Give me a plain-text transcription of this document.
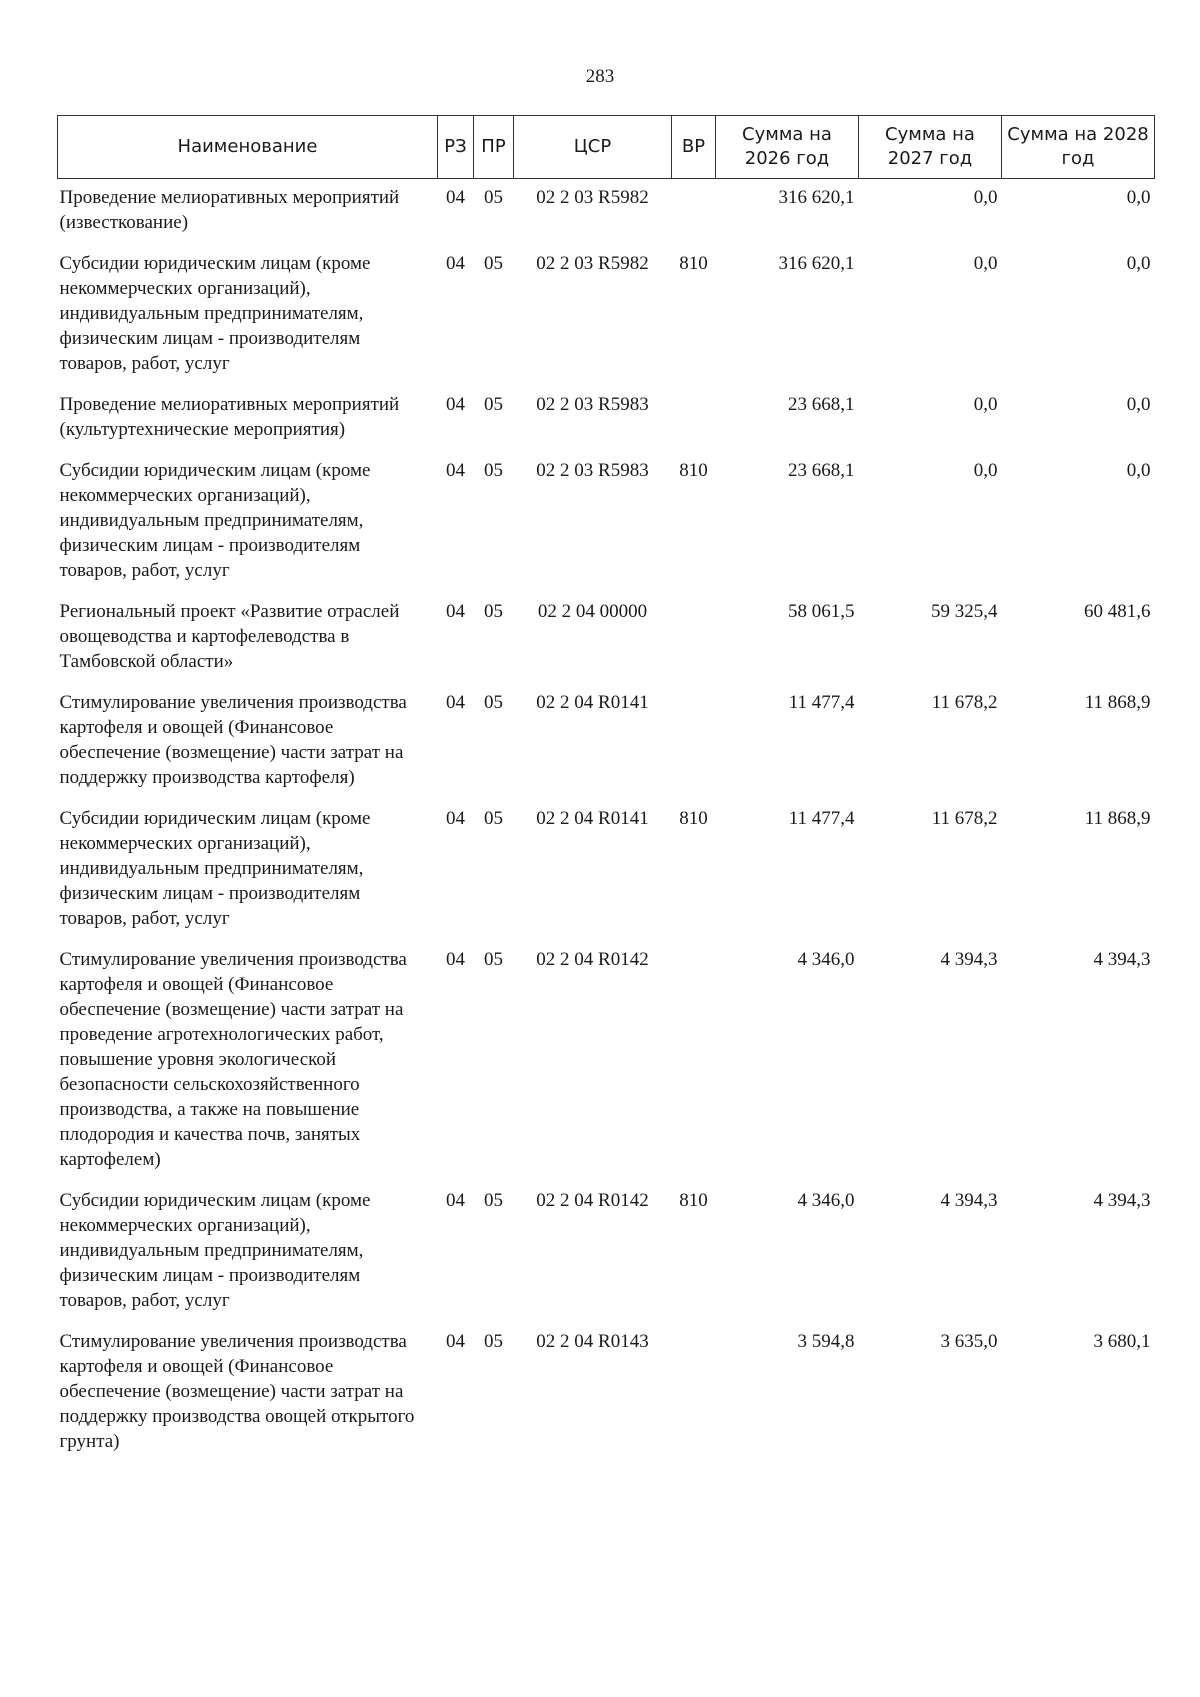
283
Наименование	РЗ	ПР	ЦСР	ВР	Сумма на 2026 год	Сумма на 2027 год	Сумма на 2028 год
Проведение мелиоративных мероприятий (известкование)	04	05	02 2 03 R5982		316 620,1	0,0	0,0
Субсидии юридическим лицам (кроме некоммерческих организаций), индивидуальным предпринимателям, физическим лицам - производителям товаров, работ, услуг	04	05	02 2 03 R5982	810	316 620,1	0,0	0,0
Проведение мелиоративных мероприятий (культуртехнические мероприятия)	04	05	02 2 03 R5983		23 668,1	0,0	0,0
Субсидии юридическим лицам (кроме некоммерческих организаций), индивидуальным предпринимателям, физическим лицам - производителям товаров, работ, услуг	04	05	02 2 03 R5983	810	23 668,1	0,0	0,0
Региональный проект «Развитие отраслей овощеводства и картофелеводства в Тамбовской области»	04	05	02 2 04 00000		58 061,5	59 325,4	60 481,6
Стимулирование увеличения производства картофеля и овощей (Финансовое обеспечение (возмещение) части затрат на поддержку производства картофеля)	04	05	02 2 04 R0141		11 477,4	11 678,2	11 868,9
Субсидии юридическим лицам (кроме некоммерческих организаций), индивидуальным предпринимателям, физическим лицам - производителям товаров, работ, услуг	04	05	02 2 04 R0141	810	11 477,4	11 678,2	11 868,9
Стимулирование увеличения производства картофеля и овощей (Финансовое обеспечение (возмещение) части затрат на проведение агротехнологических работ, повышение уровня экологической безопасности сельскохозяйственного производства, а также на повышение плодородия и качества почв, занятых картофелем)	04	05	02 2 04 R0142		4 346,0	4 394,3	4 394,3
Субсидии юридическим лицам (кроме некоммерческих организаций), индивидуальным предпринимателям, физическим лицам - производителям товаров, работ, услуг	04	05	02 2 04 R0142	810	4 346,0	4 394,3	4 394,3
Стимулирование увеличения производства картофеля и овощей (Финансовое обеспечение (возмещение) части затрат на поддержку производства овощей открытого грунта)	04	05	02 2 04 R0143		3 594,8	3 635,0	3 680,1
